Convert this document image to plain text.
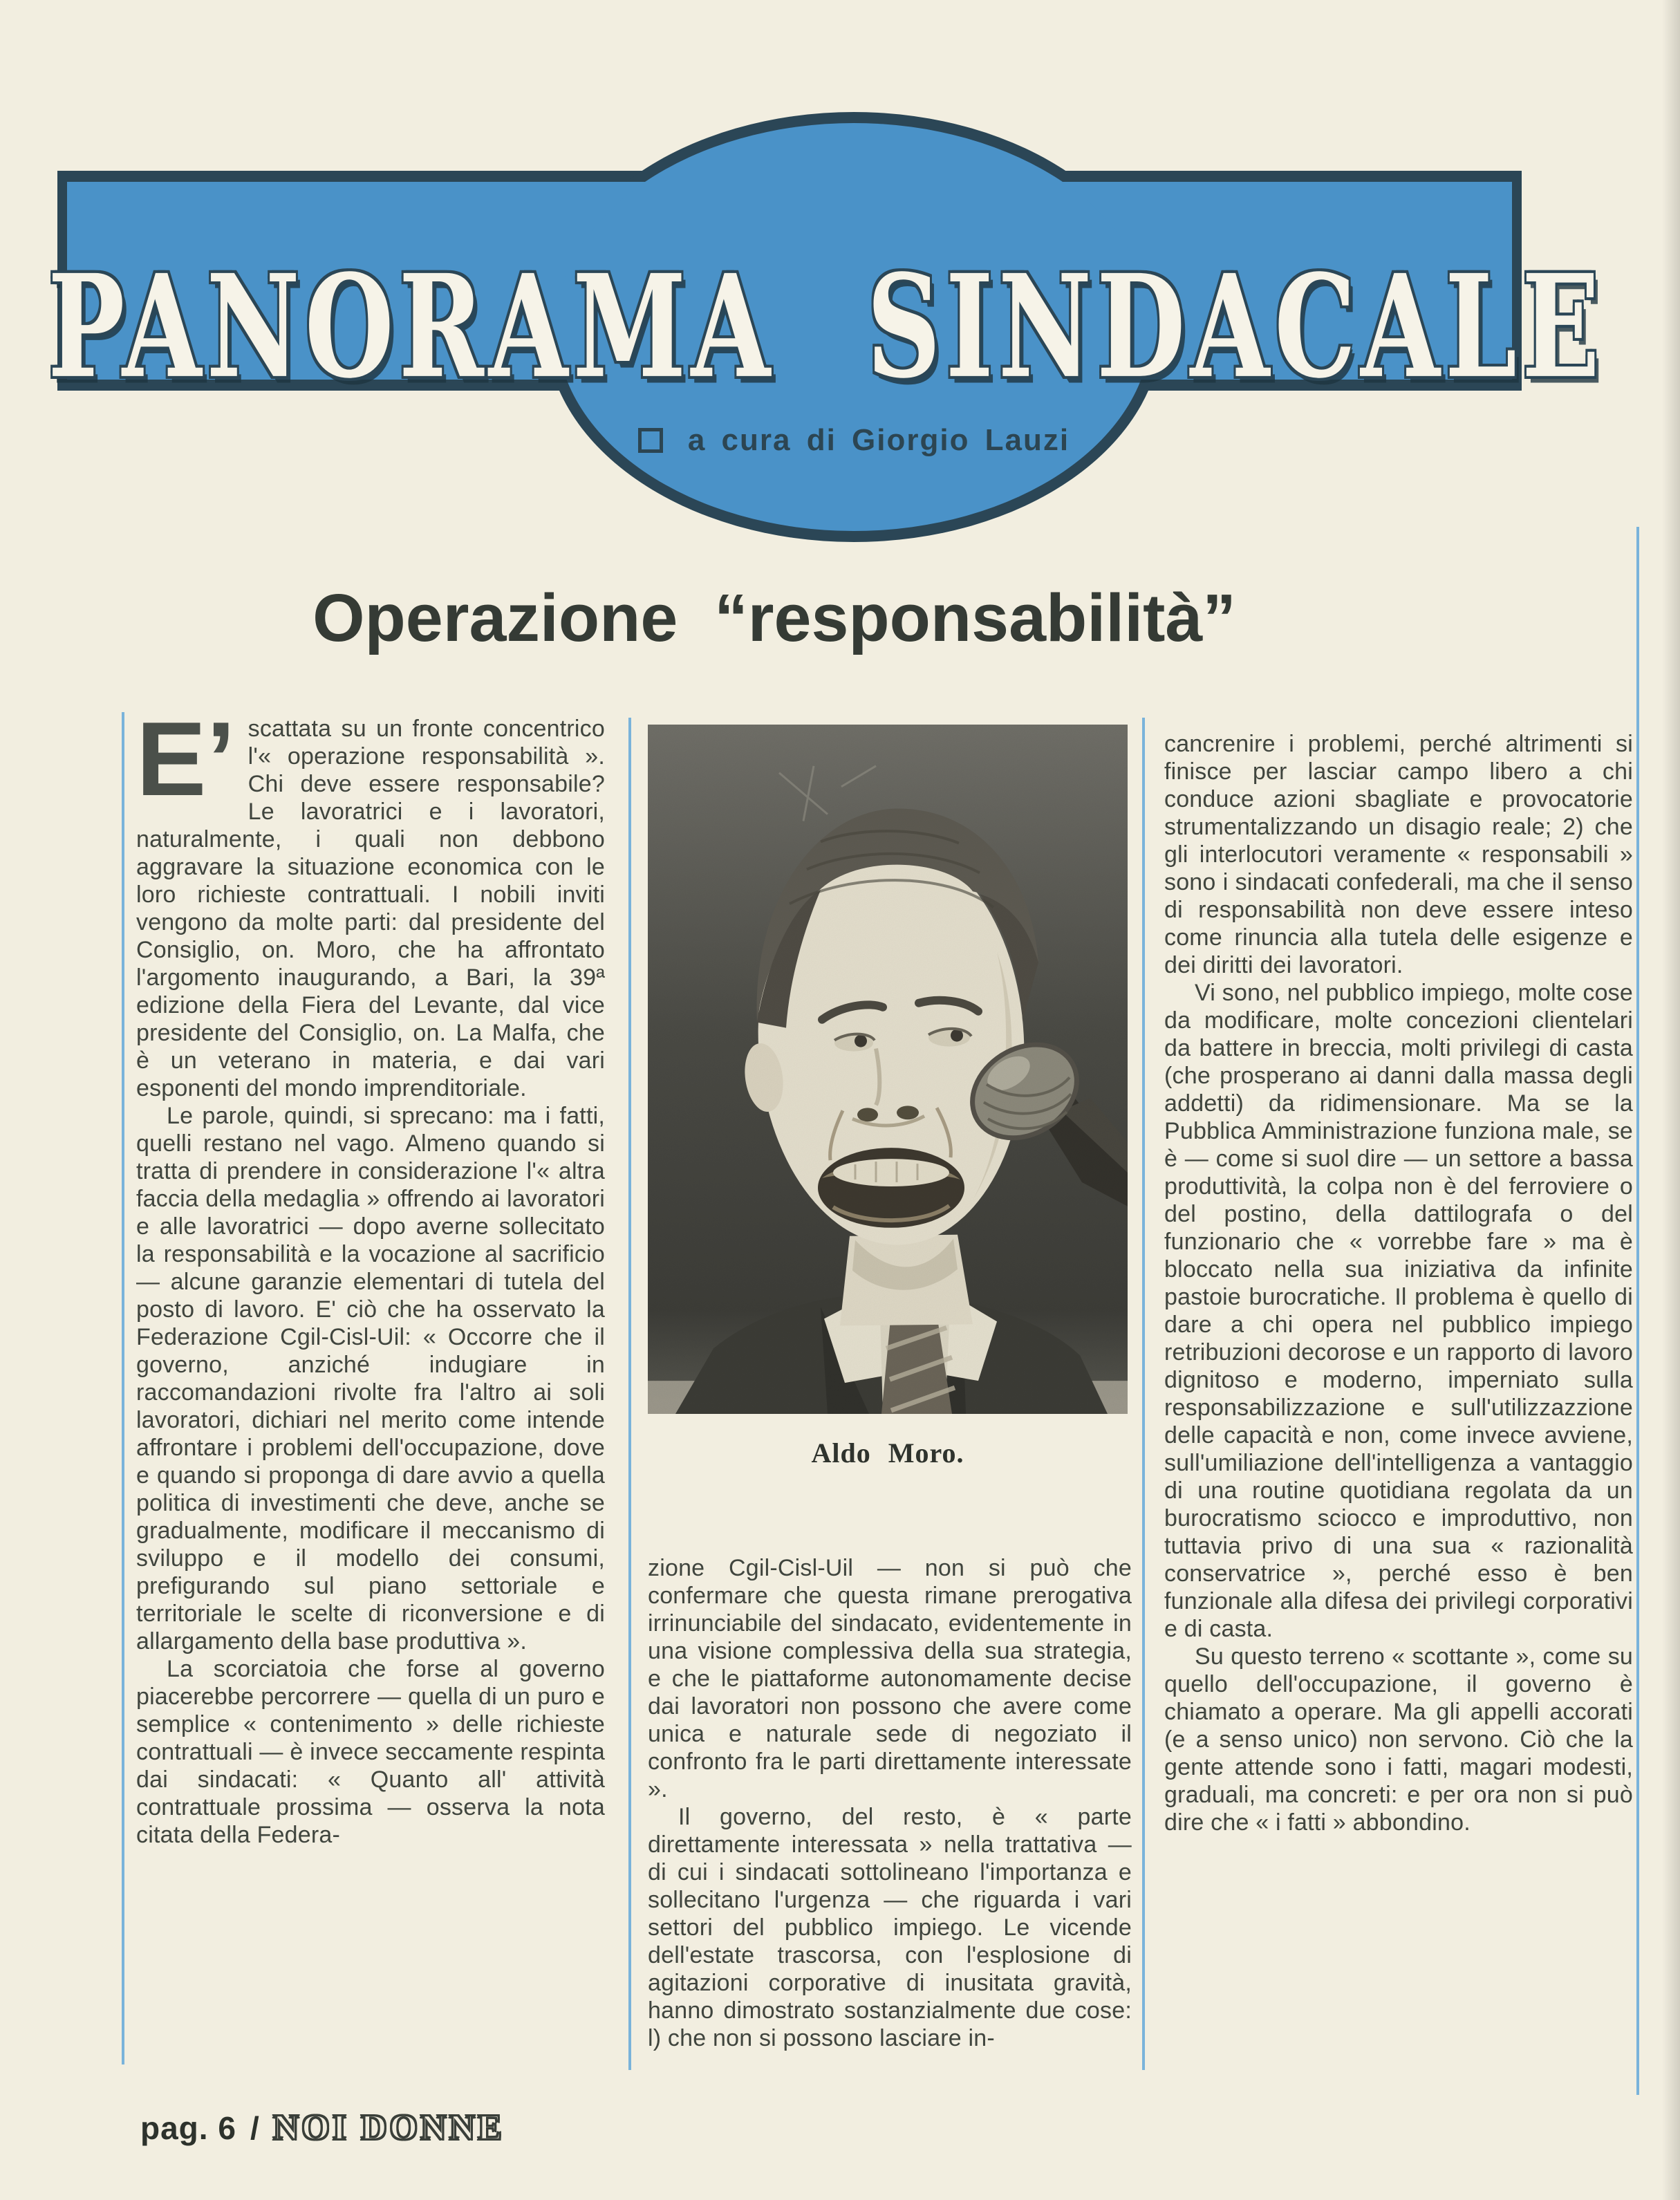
PANORAMA SINDACALE
a cura di Giorgio Lauzi
Operazione “responsabilità”

E’ scattata su un fronte concentrico l'« operazione responsabilità ». Chi deve essere responsabile? Le lavoratrici e i lavoratori, naturalmente, i quali non debbono aggravare la situazione economica con le loro richieste contrattuali. I nobili inviti vengono da molte parti: dal presidente del Consiglio, on. Moro, che ha affrontato l'argomento inaugurando, a Bari, la 39ª edizione della Fiera del Levante, dal vice presidente del Consiglio, on. La Malfa, che è un veterano in materia, e dai vari esponenti del mondo imprenditoriale.

Le parole, quindi, si sprecano: ma i fatti, quelli restano nel vago. Almeno quando si tratta di prendere in considerazione l'« altra faccia della medaglia » offrendo ai lavoratori e alle lavoratrici — dopo averne sollecitato la responsabilità e la vocazione al sacrificio — alcune garanzie elementari di tutela del posto di lavoro. E' ciò che ha osservato la Federazione Cgil-Cisl-Uil: « Occorre che il governo, anziché indugiare in raccomandazioni rivolte fra l'altro ai soli lavoratori, dichiari nel merito come intende affrontare i problemi dell'occupazione, dove e quando si proponga di dare avvio a quella politica di investimenti che deve, anche se gradualmente, modificare il meccanismo di sviluppo e il modello dei consumi, prefigurando sul piano settoriale e territoriale le scelte di riconversione e di allargamento della base produttiva ».

La scorciatoia che forse al governo piacerebbe percorrere — quella di un puro e semplice « contenimento » delle richieste contrattuali — è invece seccamente respinta dai sindacati: « Quanto all' attività contrattuale prossima — osserva la nota citata della Federa-

Aldo Moro.

zione Cgil-Cisl-Uil — non si può che confermare che questa rimane prerogativa irrinunciabile del sindacato, evidentemente in una visione complessiva della sua strategia, e che le piattaforme autonomamente decise dai lavoratori non possono che avere come unica e naturale sede di negoziato il confronto fra le parti direttamente interessate ».

Il governo, del resto, è « parte direttamente interessata » nella trattativa — di cui i sindacati sottolineano l'importanza e sollecitano l'urgenza — che riguarda i vari settori del pubblico impiego. Le vicende dell'estate trascorsa, con l'esplosione di agitazioni corporative di inusitata gravità, hanno dimostrato sostanzialmente due cose: l) che non si possono lasciare in-

cancrenire i problemi, perché altrimenti si finisce per lasciar campo libero a chi conduce azioni sbagliate e provocatorie strumentalizzando un disagio reale; 2) che gli interlocutori veramente « responsabili » sono i sindacati confederali, ma che il senso di responsabilità non deve essere inteso come rinuncia alla tutela delle esigenze e dei diritti dei lavoratori.

Vi sono, nel pubblico impiego, molte cose da modificare, molte concezioni clientelari da battere in breccia, molti privilegi di casta (che prosperano ai danni dalla massa degli addetti) da ridimensionare. Ma se la Pubblica Amministrazione funziona male, se è — come si suol dire — un settore a bassa produttività, la colpa non è del ferroviere o del postino, della dattilografa o del funzionario che « vorrebbe fare » ma è bloccato nella sua iniziativa da infinite pastoie burocratiche. Il problema è quello di dare a chi opera nel pubblico impiego retribuzioni decorose e un rapporto di lavoro dignitoso e moderno, imperniato sulla responsabilizzazione e sull'utilizzazzione delle capacità e non, come invece avviene, sull'umiliazione dell'intelligenza a vantaggio di una routine quotidiana regolata da un burocratismo sciocco e improduttivo, non tuttavia privo di una sua « razionalità conservatrice », perché esso è ben funzionale alla difesa dei privilegi corporativi e di casta.

Su questo terreno « scottante », come su quello dell'occupazione, il governo è chiamato a operare. Ma gli appelli accorati (e a senso unico) non servono. Ciò che la gente attende sono i fatti, magari modesti, graduali, ma concreti: e per ora non si può dire che « i fatti » abbondino.

pag. 6 / NOI DONNE
